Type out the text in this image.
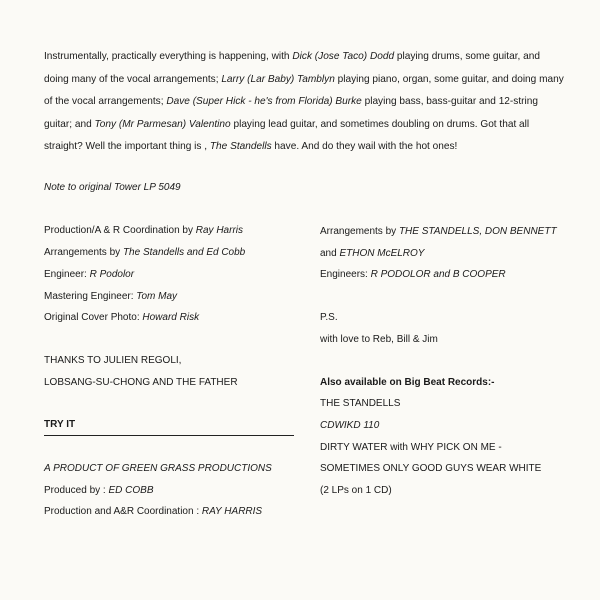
Instrumentally, practically everything is happening, with Dick (Jose Taco) Dodd playing drums, some guitar, and doing many of the vocal arrangements; Larry (Lar Baby) Tamblyn playing piano, organ, some guitar, and doing many of the vocal arrangements; Dave (Super Hick - he's from Florida) Burke playing bass, bass-guitar and 12-string guitar; and Tony (Mr Parmesan) Valentino playing lead guitar, and sometimes doubling on drums. Got that all straight? Well the important thing is , The Standells have. And do they wail with the hot ones!

Note to original Tower LP 5049
Production/A & R Coordination by Ray Harris
Arrangements by The Standells and Ed Cobb
Engineer: R Podolor
Mastering Engineer: Tom May
Original Cover Photo: Howard Risk
THANKS TO JULIEN REGOLI,
LOBSANG-SU-CHONG AND THE FATHER
TRY IT
A PRODUCT OF GREEN GRASS PRODUCTIONS
Produced by : ED COBB
Production and A&R Coordination : RAY HARRIS
Arrangements by THE STANDELLS, DON BENNETT
and ETHON McELROY
Engineers: R PODOLOR and B COOPER
P.S.
with love to Reb, Bill & Jim
Also available on Big Beat Records:-
THE STANDELLS
CDWIKD 110
DIRTY WATER with WHY PICK ON ME -
SOMETIMES ONLY GOOD GUYS WEAR WHITE
(2 LPs on 1 CD)
